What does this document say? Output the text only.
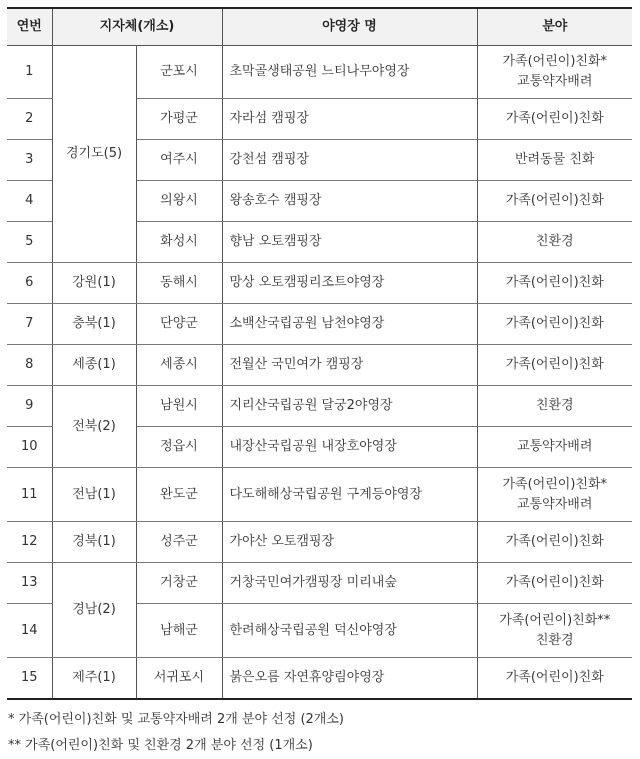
연번	지자체(개소)		야영장 명	분야
1	경기도(5)	군포시	초막골생태공원 느티나무야영장	가족(어린이)친화*
교통약자배려

2		가평군	자라섬 캠핑장	가족(어린이)친화
3		여주시	강천섬 캠핑장	반려동물 친화
4		의왕시	왕송호수 캠핑장	가족(어린이)친화
5		화성시	향남 오토캠핑장	친환경
6	강원(1)	동해시	망상 오토캠핑리조트야영장	가족(어린이)친화
7	충북(1)	단양군	소백산국립공원 남천야영장	가족(어린이)친화
8	세종(1)	세종시	전월산 국민여가 캠핑장	가족(어린이)친화
9	전북(2)	남원시	지리산국립공원 달궁2야영장	친환경
10		정읍시	내장산국립공원 내장호야영장	교통약자배려
11	전남(1)	완도군	다도해해상국립공원 구계등야영장	가족(어린이)친화*
교통약자배려

12	경북(1)	성주군	가야산 오토캠핑장	가족(어린이)친화
13	경남(2)	거창군	거창국민여가캠핑장 미리내숲	가족(어린이)친화
14		남해군	한려해상국립공원 덕신야영장	가족(어린이)친화**
친환경

15	제주(1)	서귀포시	붉은오름 자연휴양림야영장	가족(어린이)친화
* 가족(어린이)친화 및 교통약자배려 2개 분야 선정 (2개소)
** 가족(어린이)친화 및 친환경 2개 분야 선정 (1개소)
